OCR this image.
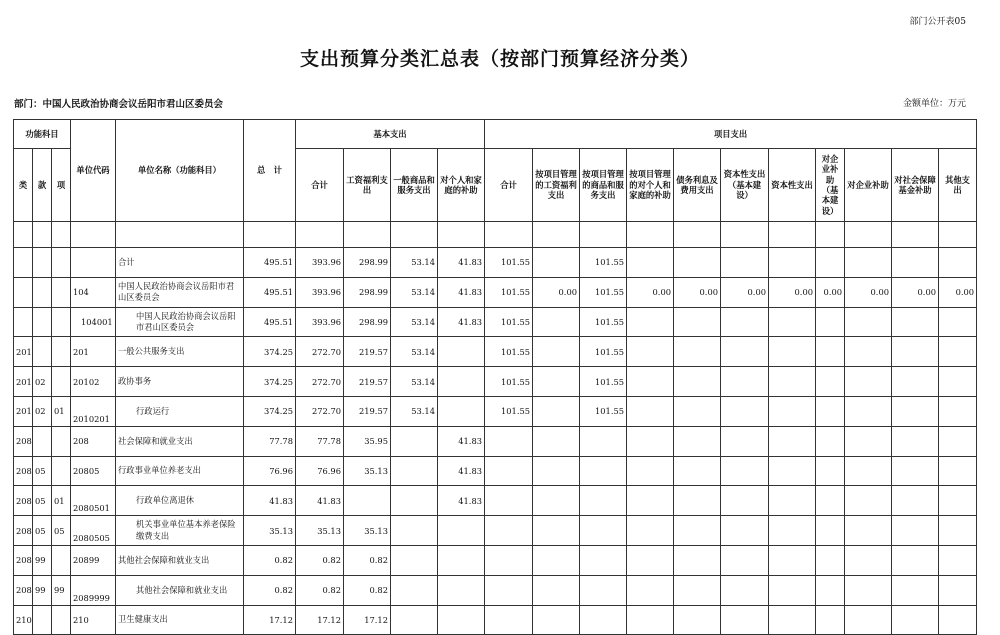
部门公开表05
支出预算分类汇总表（按部门预算经济分类）
部门：中国人民政治协商会议岳阳市君山区委员会	金额单位：万元
功能科目			单位代码	单位名称（功能科目）	总　计	基本支出				项目支出										
类	款	项				合计	工资福利支出	一般商品和服务支出	对个人和家庭的补助	合计	按项目管理的工资福利支出	按项目管理的商品和服务支出	按项目管理的对个人和家庭的补助	债务利息及费用支出	资本性支出（基本建设）	资本性支出	对企业补助（基本建设）	对企业补助	对社会保障基金补助	其他支出

				合计	495.51	393.96	298.99	53.14	41.83	101.55		101.55								
			104	中国人民政治协商会议岳阳市君山区委员会	495.51	393.96	298.99	53.14	41.83	101.55	0.00	101.55	0.00	0.00	0.00	0.00	0.00	0.00	0.00	0.00
			104001	中国人民政治协商会议岳阳市君山区委员会	495.51	393.96	298.99	53.14	41.83	101.55		101.55								
201			201	一般公共服务支出	374.25	272.70	219.57	53.14		101.55		101.55								
201	02		20102	政协事务	374.25	272.70	219.57	53.14		101.55		101.55								
201	02	01	2010201	行政运行	374.25	272.70	219.57	53.14		101.55		101.55								
208			208	社会保障和就业支出	77.78	77.78	35.95		41.83											
208	05		20805	行政事业单位养老支出	76.96	76.96	35.13		41.83											
208	05	01	2080501	行政单位离退休	41.83	41.83			41.83											
208	05	05	2080505	机关事业单位基本养老保险缴费支出	35.13	35.13	35.13													
208	99		20899	其他社会保障和就业支出	0.82	0.82	0.82													
208	99	99	2089999	其他社会保障和就业支出	0.82	0.82	0.82													
210			210	卫生健康支出	17.12	17.12	17.12													
